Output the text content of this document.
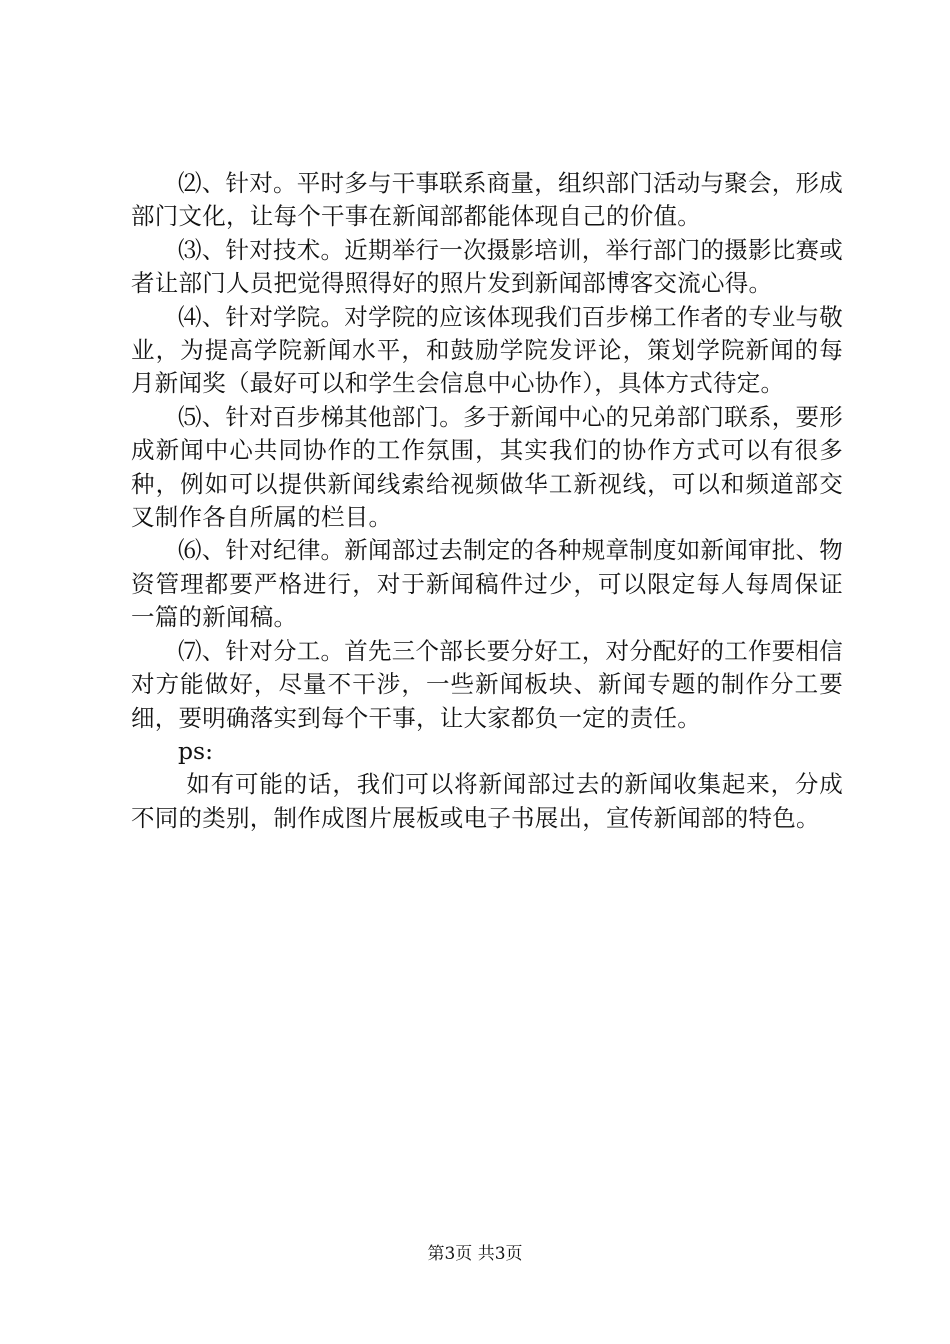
⑵、针对。平时多与干事联系商量，组织部门活动与聚会，形成部门文化，让每个干事在新闻部都能体现自己的价值。

⑶、针对技术。近期举行一次摄影培训，举行部门的摄影比赛或者让部门人员把觉得照得好的照片发到新闻部博客交流心得。

⑷、针对学院。对学院的应该体现我们百步梯工作者的专业与敬业，为提高学院新闻水平，和鼓励学院发评论，策划学院新闻的每月新闻奖（最好可以和学生会信息中心协作），具体方式待定。

⑸、针对百步梯其他部门。多于新闻中心的兄弟部门联系，要形成新闻中心共同协作的工作氛围，其实我们的协作方式可以有很多种，例如可以提供新闻线索给视频做华工新视线，可以和频道部交叉制作各自所属的栏目。

⑹、针对纪律。新闻部过去制定的各种规章制度如新闻审批、物资管理都要严格进行，对于新闻稿件过少，可以限定每人每周保证一篇的新闻稿。

⑺、针对分工。首先三个部长要分好工，对分配好的工作要相信对方能做好，尽量不干涉，一些新闻板块、新闻专题的制作分工要细，要明确落实到每个干事，让大家都负一定的责任。

ps:

如有可能的话，我们可以将新闻部过去的新闻收集起来，分成不同的类别，制作成图片展板或电子书展出，宣传新闻部的特色。

第3页 共3页
